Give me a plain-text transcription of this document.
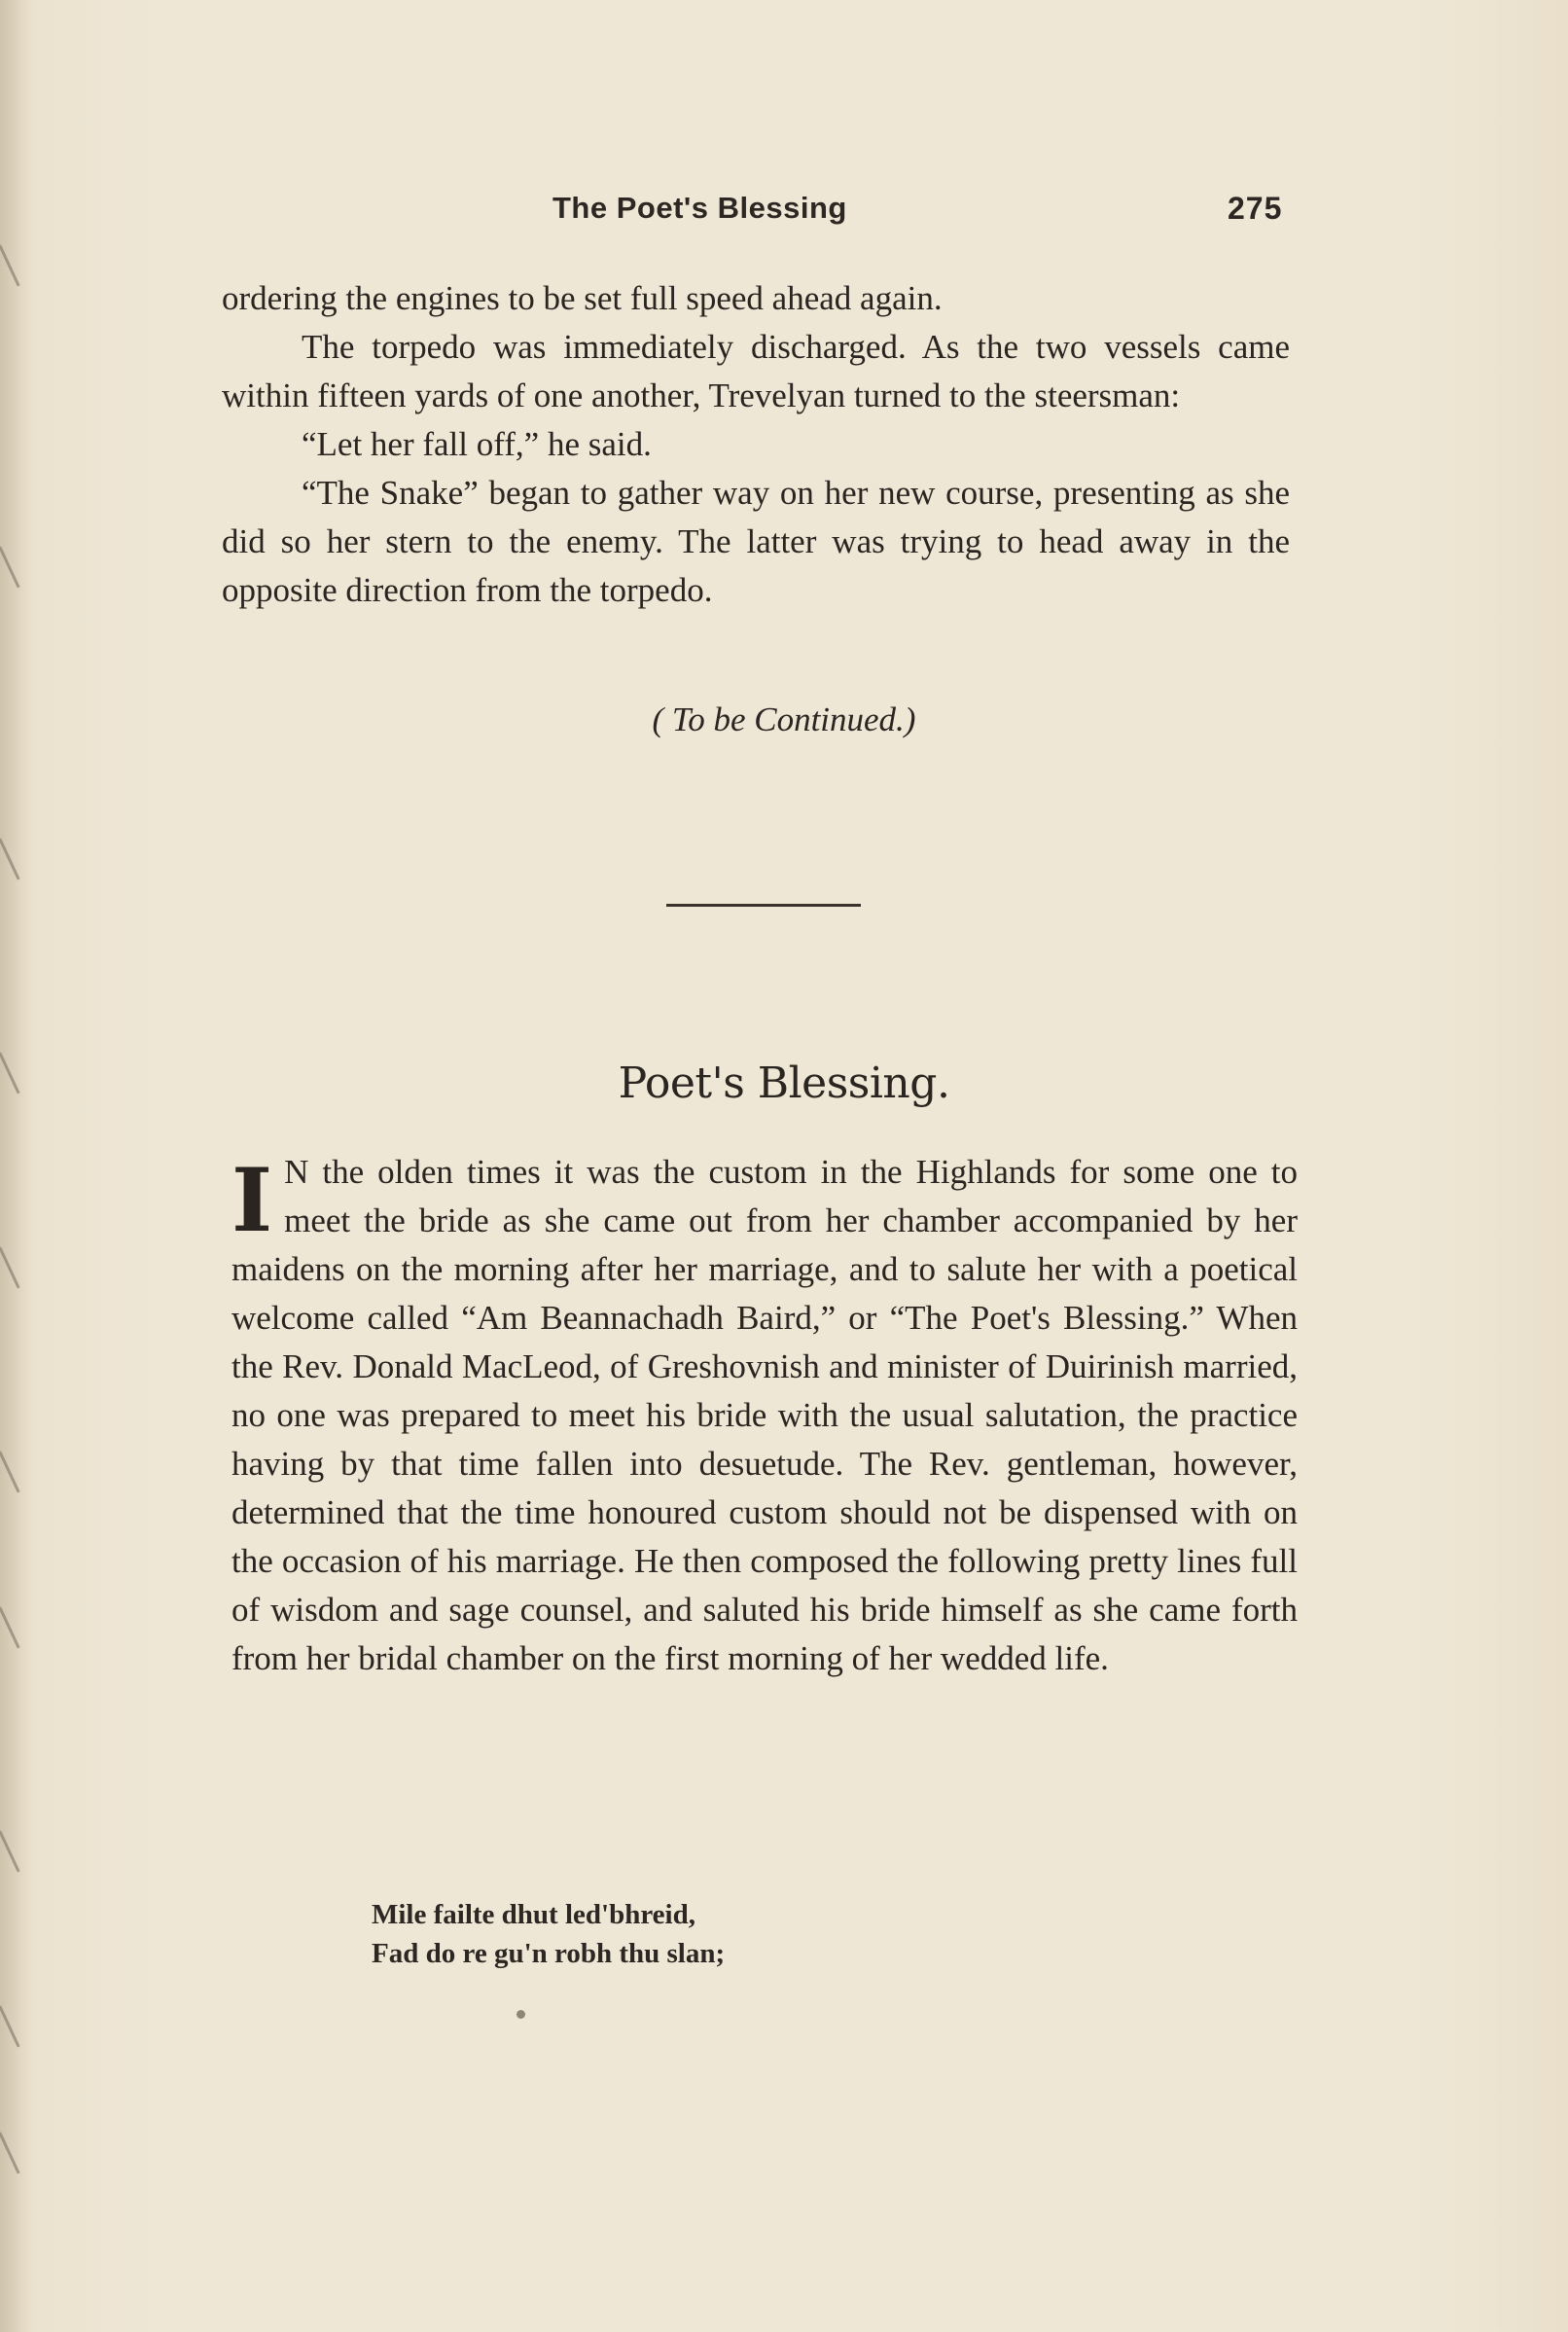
The Poet's Blessing	275

ordering the engines to be set full speed ahead again.

The torpedo was immediately discharged. As the two vessels came within fifteen yards of one another, Trevelyan turned to the steersman:

“Let her fall off,” he said.

“The Snake” began to gather way on her new course, presenting as she did so her stern to the enemy. The latter was trying to head away in the opposite direction from the torpedo.

( To be Continued.)
Poet's Blessing.
I N the olden times it was the custom in the Highlands for some one to meet the bride as she came out from her chamber accompanied by her maidens on the morning after her marriage, and to salute her with a poetical welcome called “Am Beannachadh Baird,” or “The Poet's Blessing.” When the Rev. Donald MacLeod, of Greshovnish and minister of Duirinish married, no one was prepared to meet his bride with the usual salutation, the practice having by that time fallen into desuetude. The Rev. gentleman, however, determined that the time honoured custom should not be dispensed with on the occasion of his marriage. He then composed the following pretty lines full of wisdom and sage counsel, and saluted his bride himself as she came forth from her bridal chamber on the first morning of her wedded life.
Mile failte dhut led'bhreid,
Fad do re gu'n robh thu slan;
